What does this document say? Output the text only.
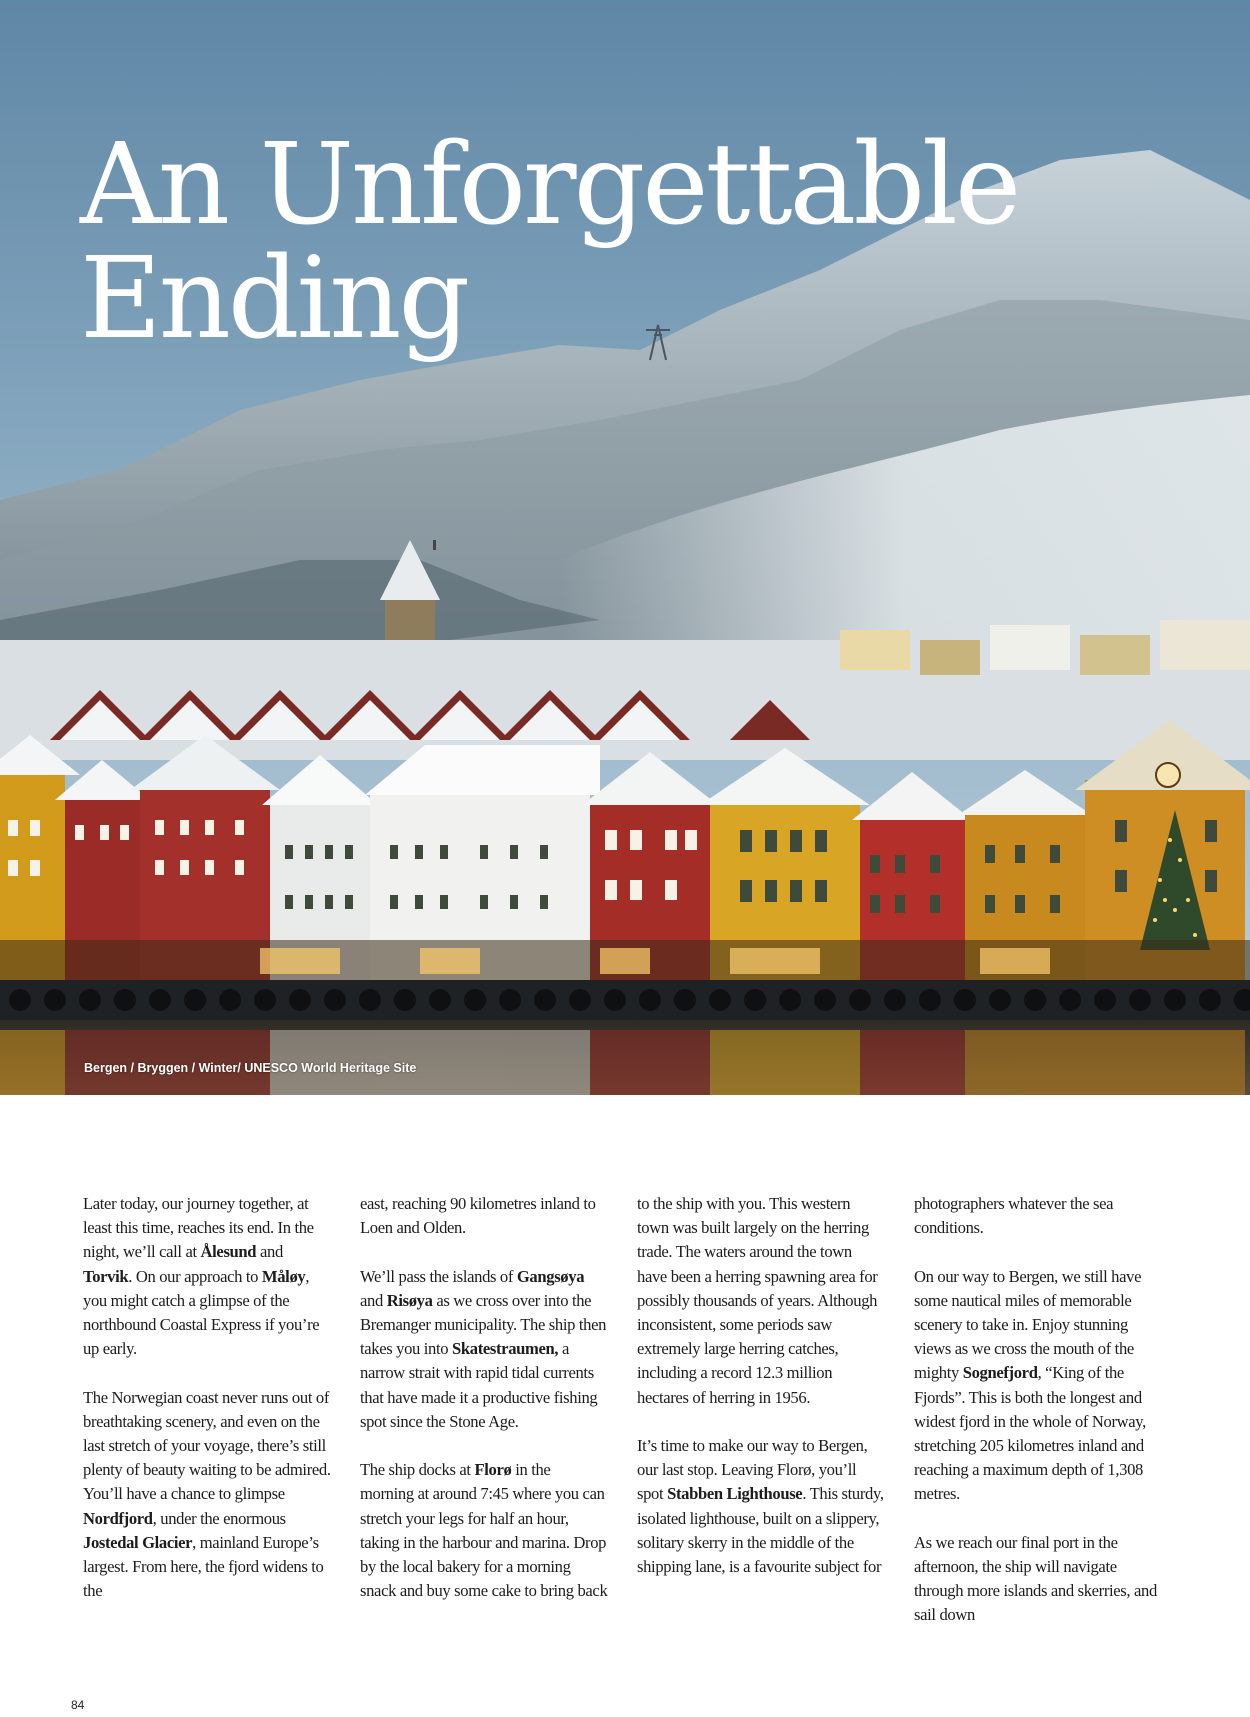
An Unforgettable
Ending
Bergen / Bryggen / Winter/ UNESCO World Heritage Site

Later today, our journey together, at least this time, reaches its end. In the night, we’ll call at Ålesund and Torvik. On our approach to Måløy, you might catch a glimpse of the northbound Coastal Express if you’re up early.

The Norwegian coast never runs out of breathtaking scenery, and even on the last stretch of your voyage, there’s still plenty of beauty waiting to be admired. You’ll have a chance to glimpse Nordfjord, under the enormous Jostedal Glacier, mainland Europe’s largest. From here, the fjord widens to the

east, reaching 90 kilometres inland to Loen and Olden.

We’ll pass the islands of Gangsøya and Risøya as we cross over into the Bremanger municipality. The ship then takes you into Skatestraumen, a narrow strait with rapid tidal currents that have made it a productive fishing spot since the Stone Age.

The ship docks at Florø in the morning at around 7:45 where you can stretch your legs for half an hour, taking in the harbour and marina. Drop by the local bakery for a morning snack and buy some cake to bring back

to the ship with you. This western town was built largely on the herring trade. The waters around the town have been a herring spawning area for possibly thousands of years. Although inconsistent, some periods saw extremely large herring catches, including a record 12.3 million hectares of herring in 1956.

It’s time to make our way to Bergen, our last stop. Leaving Florø, you’ll spot Stabben Lighthouse. This sturdy, isolated lighthouse, built on a slippery, solitary skerry in the middle of the shipping lane, is a favourite subject for

photographers whatever the sea conditions.

On our way to Bergen, we still have some nautical miles of memorable scenery to take in. Enjoy stunning views as we cross the mouth of the mighty Sognefjord, “King of the Fjords”. This is both the longest and widest fjord in the whole of Norway, stretching 205 kilometres inland and reaching a maximum depth of 1,308 metres.

As we reach our final port in the afternoon, the ship will navigate through more islands and skerries, and sail down

84
